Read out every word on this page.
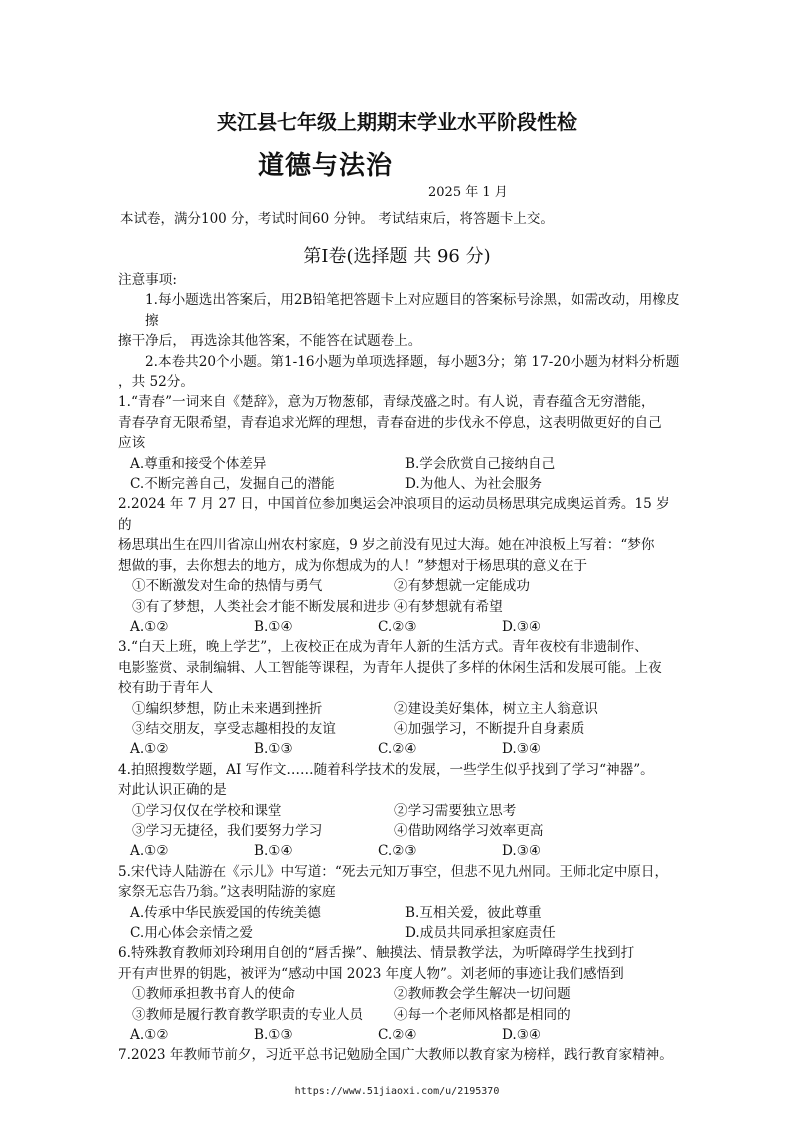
夹江县七年级上期期末学业水平阶段性检
道德与法治
2025 年 1 月
本试卷，满分100 分，考试时间60 分钟。 考试结束后，将答题卡上交。
第Ⅰ卷(选择题 共 96 分)

注意事项:

1.每小题选出答案后，用2B铅笔把答题卡上对应题目的答案标号涂黑，如需改动，用橡皮擦

擦干净后， 再选涂其他答案，不能答在试题卷上。

2.本卷共20个小题。第1-16小题为单项选择题，每小题3分；第 17-20小题为材料分析题

，共 52分。

1.“青春”一词来自《楚辞》，意为万物葱郁，青绿茂盛之时。有人说，青春蕴含无穷潜能，

青春孕育无限希望，青春追求光辉的理想，青春奋进的步伐永不停息，这表明做更好的自己

应该

A.尊重和接受个体差异	B.学会欣赏自己接纳自己
C.不断完善自己，发掘自己的潜能	D.为他人、为社会服务

2.2024 年 7 月 27 日，中国首位参加奥运会冲浪项目的运动员杨思琪完成奥运首秀。15 岁的

杨思琪出生在四川省凉山州农村家庭，9 岁之前没有见过大海。她在冲浪板上写着：“梦你

想做的事，去你想去的地方，成为你想成为的人！”梦想对于杨思琪的意义在于

①不断激发对生命的热情与勇气	②有梦想就一定能成功
③有了梦想，人类社会才能不断发展和进步 ④有梦想就有希望
A.①②	B.①④	C.②③	D.③④

3.“白天上班，晚上学艺”，上夜校正在成为青年人新的生活方式。青年夜校有非遗制作、

电影鉴赏、录制编辑、人工智能等课程，为青年人提供了多样的休闲生活和发展可能。上夜

校有助于青年人

①编织梦想，防止未来遇到挫折	②建设美好集体，树立主人翁意识
③结交朋友，享受志趣相投的友谊	④加强学习，不断提升自身素质
A.①②	B.①③	C.②④	D.③④

4.拍照搜数学题，AI 写作文……随着科学技术的发展，一些学生似乎找到了学习“神器”。

对此认识正确的是

①学习仅仅在学校和课堂	②学习需要独立思考
③学习无捷径，我们要努力学习	④借助网络学习效率更高
A.①②	B.①④	C.②③	D.③④

5.宋代诗人陆游在《示儿》中写道：“死去元知万事空，但悲不见九州同。王师北定中原日，

家祭无忘告乃翁。”这表明陆游的家庭

A.传承中华民族爱国的传统美德	B.互相关爱，彼此尊重
C.用心体会亲情之爱	D.成员共同承担家庭责任

6.特殊教育教师刘玲琍用自创的“唇舌操”、触摸法、情景教学法，为听障碍学生找到打

开有声世界的钥匙，被评为“感动中国 2023 年度人物”。刘老师的事迹让我们感悟到

①教师承担教书育人的使命	②教师教会学生解决一切问题
③教师是履行教育教学职责的专业人员	④每一个老师风格都是相同的
A.①②	B.①③	C.②④	D.③④

7.2023 年教师节前夕，习近平总书记勉励全国广大教师以教育家为榜样，践行教育家精神。

https://www.51jiaoxi.com/u/2195370
